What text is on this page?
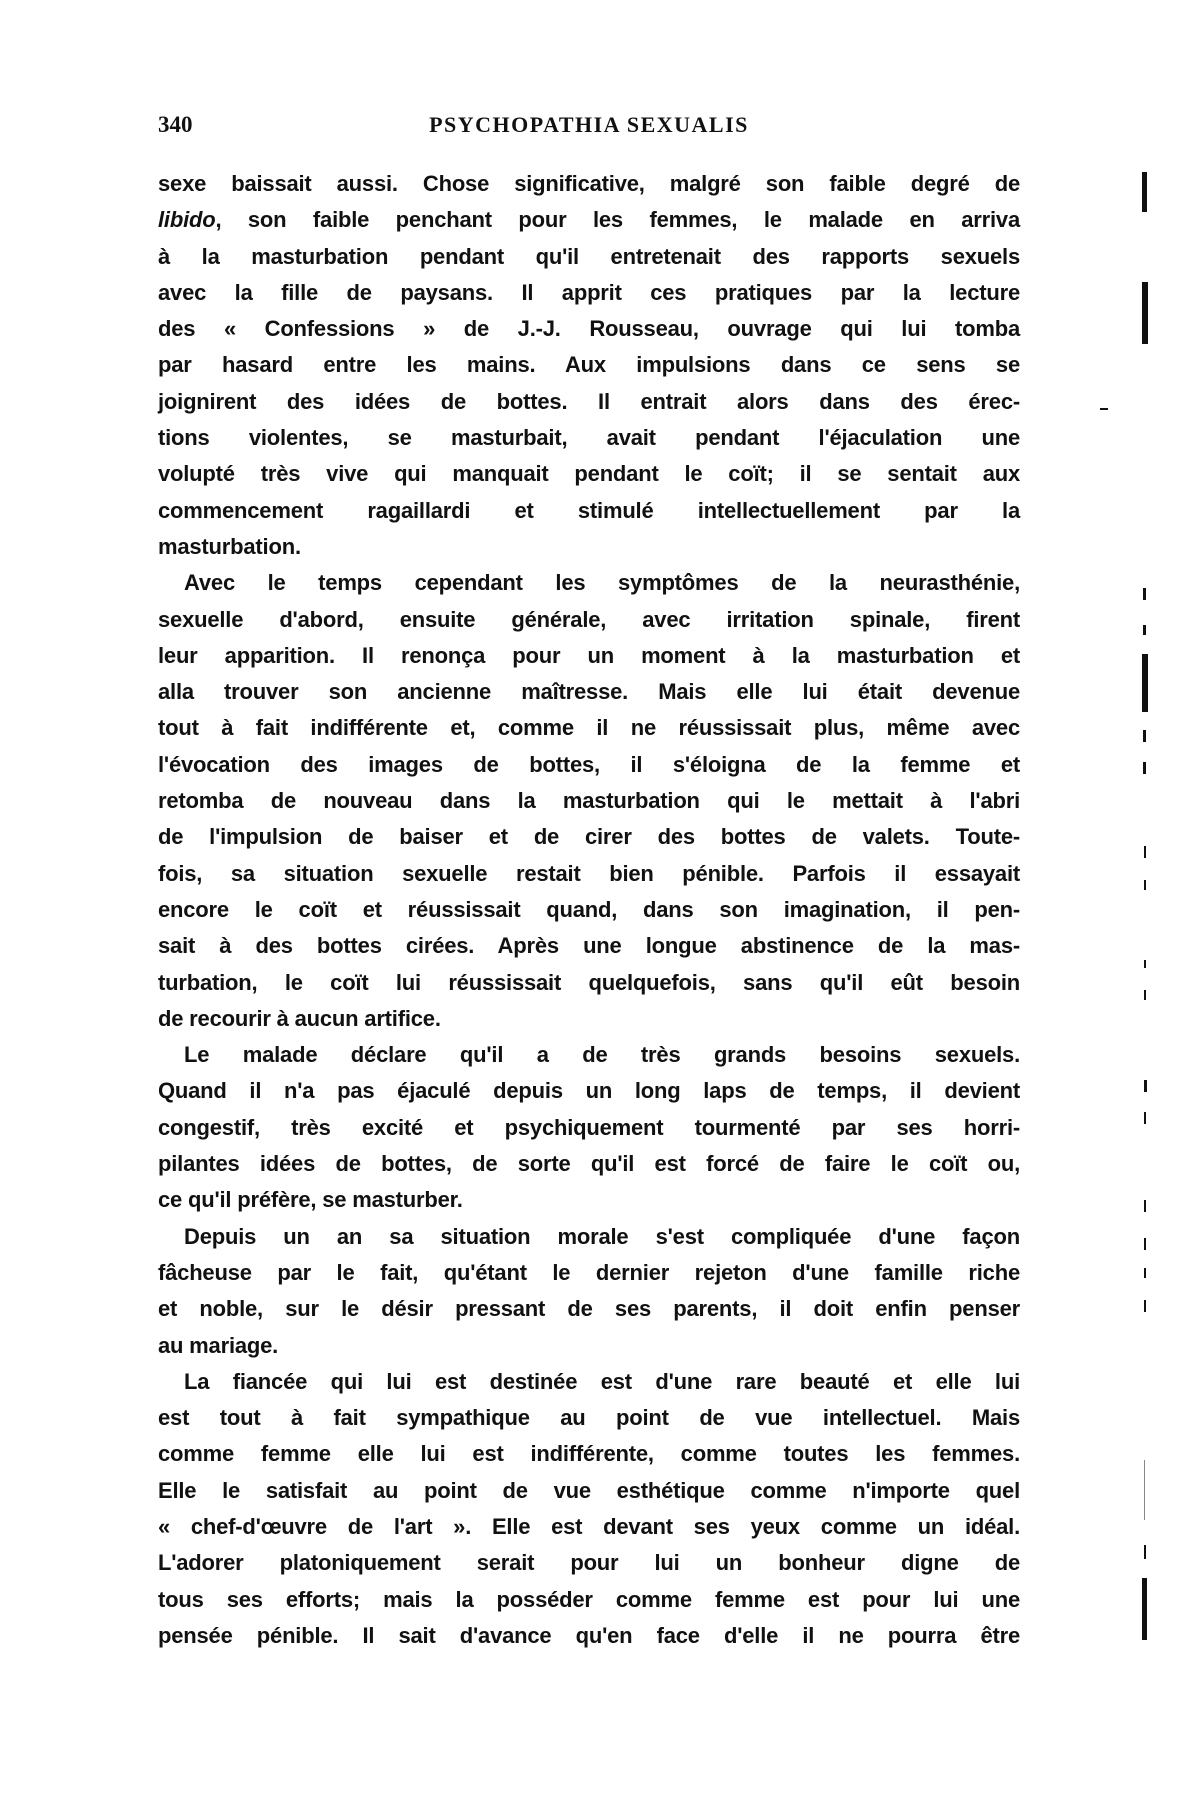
340	PSYCHOPATHIA SEXUALIS
sexe baissait aussi. Chose significative, malgré son faible degré de
libido, son faible penchant pour les femmes, le malade en arriva
à la masturbation pendant qu'il entretenait des rapports sexuels
avec la fille de paysans. Il apprit ces pratiques par la lecture
des « Confessions » de J.-J. Rousseau, ouvrage qui lui tomba
par hasard entre les mains. Aux impulsions dans ce sens se
joignirent des idées de bottes. Il entrait alors dans des érec-
tions violentes, se masturbait, avait pendant l'éjaculation une
volupté très vive qui manquait pendant le coït; il se sentait aux
commencement ragaillardi et stimulé intellectuellement par la
masturbation.
Avec le temps cependant les symptômes de la neurasthénie,
sexuelle d'abord, ensuite générale, avec irritation spinale, firent
leur apparition. Il renonça pour un moment à la masturbation et
alla trouver son ancienne maîtresse. Mais elle lui était devenue
tout à fait indifférente et, comme il ne réussissait plus, même avec
l'évocation des images de bottes, il s'éloigna de la femme et
retomba de nouveau dans la masturbation qui le mettait à l'abri
de l'impulsion de baiser et de cirer des bottes de valets. Toute-
fois, sa situation sexuelle restait bien pénible. Parfois il essayait
encore le coït et réussissait quand, dans son imagination, il pen-
sait à des bottes cirées. Après une longue abstinence de la mas-
turbation, le coït lui réussissait quelquefois, sans qu'il eût besoin
de recourir à aucun artifice.
Le malade déclare qu'il a de très grands besoins sexuels.
Quand il n'a pas éjaculé depuis un long laps de temps, il devient
congestif, très excité et psychiquement tourmenté par ses horri-
pilantes idées de bottes, de sorte qu'il est forcé de faire le coït ou,
ce qu'il préfère, se masturber.
Depuis un an sa situation morale s'est compliquée d'une façon
fâcheuse par le fait, qu'étant le dernier rejeton d'une famille riche
et noble, sur le désir pressant de ses parents, il doit enfin penser
au mariage.
La fiancée qui lui est destinée est d'une rare beauté et elle lui
est tout à fait sympathique au point de vue intellectuel. Mais
comme femme elle lui est indifférente, comme toutes les femmes.
Elle le satisfait au point de vue esthétique comme n'importe quel
« chef-d'œuvre de l'art ». Elle est devant ses yeux comme un idéal.
L'adorer platoniquement serait pour lui un bonheur digne de
tous ses efforts; mais la posséder comme femme est pour lui une
pensée pénible. Il sait d'avance qu'en face d'elle il ne pourra être
